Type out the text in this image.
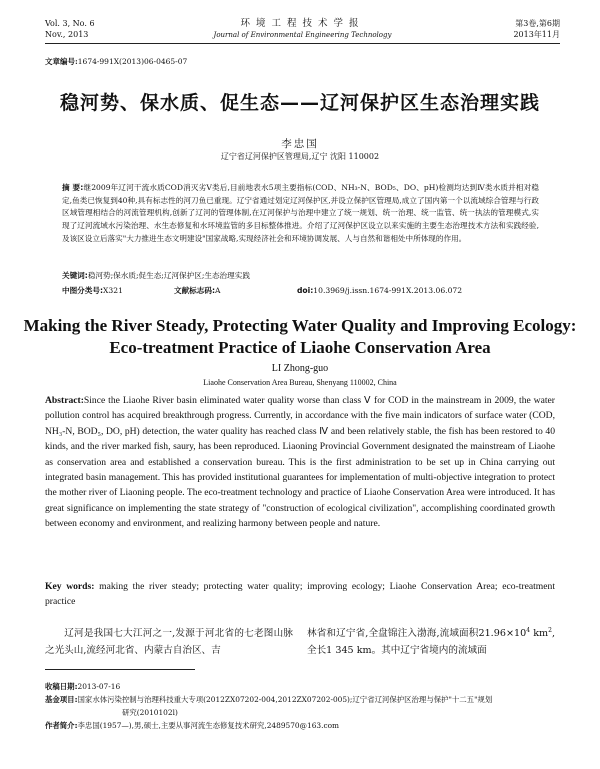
Vol. 3, No. 6
Nov., 2013
环境工程技术学报
Journal of Environmental Engineering Technology
第3卷,第6期
2013年11月
文章编号:1674-991X(2013)06-0465-07
稳河势、保水质、促生态——辽河保护区生态治理实践
李忠国
辽宁省辽河保护区管理局,辽宁 沈阳 110002
摘 要:继2009年辽河干流水质COD消灭劣Ⅴ类后,目前地表水5项主要指标(COD、NH₃-N、BOD₅、DO、pH)检测均达到Ⅳ类水质并相对稳定,鱼类已恢复到40种,具有标志性的河刀鱼已重现。辽宁省通过划定辽河保护区,并设立保护区管理局,成立了国内第一个以流域综合管理与行政区域管理相结合的河流管理机构,创新了辽河的管理体制,在辽河保护与治理中建立了统一规划、统一治理、统一监管、统一执法的管理模式,实现了辽河流域水污染治理、水生态修复和水环境监管的多目标整体推进。介绍了辽河保护区设立以来实施的主要生态治理技术方法和实践经验,及该区设立后落实"大力推进生态文明建设"国家战略,实现经济社会和环境协调发展、人与自然和谐相处中所体现的作用。
关键词:稳河势;保水质;促生态;辽河保护区;生态治理实践
中图分类号:X321	文献标志码:A	doi:10.3969/j.issn.1674-991X.2013.06.072
Making the River Steady, Protecting Water Quality and Improving Ecology:
Eco-treatment Practice of Liaohe Conservation Area
LI Zhong-guo
Liaohe Conservation Area Bureau, Shenyang 110002, China
Abstract:Since the Liaohe River basin eliminated water quality worse than class Ⅴ for COD in the mainstream in 2009, the water pollution control has acquired breakthrough progress. Currently, in accordance with the five main indicators of surface water (COD, NH₃-N, BOD₅, DO, pH) detection, the water quality has reached class Ⅳ and been relatively stable, the fish has been restored to 40 kinds, and the river marked fish, saury, has been reproduced. Liaoning Provincial Government designated the mainstream of Liaohe as conservation area and established a conservation bureau. This is the first administration to be set up in China carrying out integrated basin management. This has provided institutional guarantees for implementation of multi-objective integration to protect the mother river of Liaoning people. The eco-treatment technology and practice of Liaohe Conservation Area were introduced. It has great significance on implementing the state strategy of "construction of ecological civilization", accomplishing coordinated growth between economy and environment, and realizing harmony between people and nature.
Key words: making the river steady; protecting water quality; improving ecology; Liaohe Conservation Area; eco-treatment practice
辽河是我国七大江河之一,发源于河北省的七老图山脉之光头山,流经河北省、内蒙古自治区、吉
林省和辽宁省,全盘锦注入渤海,流域面积$21.96\times 10^4$ $km^2$,全长1 345 km。其中辽宁省境内的流域面
收稿日期:2013-07-16
基金项目:国家水体污染控制与治理科技重大专项(2012ZX07202-004,2012ZX07202-005);辽宁省辽河保护区治理与保护"十二五"规划
研究(2010102l)
作者简介:李忠国(1957—),男,硕士,主要从事河流生态修复技术研究,2489570@163.com
